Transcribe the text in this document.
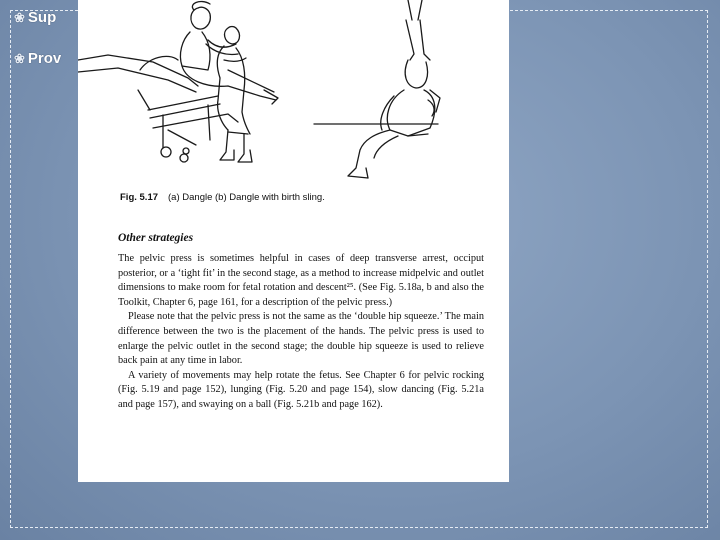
❀ Sup
❀ Prov
Fig. 5.17 (a) Dangle (b) Dangle with birth sling.
Other strategies

The pelvic press is sometimes helpful in cases of deep transverse arrest, occiput posterior, or a ‘tight fit’ in the second stage, as a method to increase midpelvic and outlet dimensions to make room for fetal rotation and descent²⁵. (See Fig. 5.18a, b and also the Toolkit, Chapter 6, page 161, for a description of the pelvic press.)

Please note that the pelvic press is not the same as the ‘double hip squeeze.’ The main difference between the two is the placement of the hands. The pelvic press is used to enlarge the pelvic outlet in the second stage; the double hip squeeze is used to relieve back pain at any time in labor.

A variety of movements may help rotate the fetus. See Chapter 6 for pelvic rocking (Fig. 5.19 and page 152), lunging (Fig. 5.20 and page 154), slow dancing (Fig. 5.21a and page 157), and swaying on a ball (Fig. 5.21b and page 162).
